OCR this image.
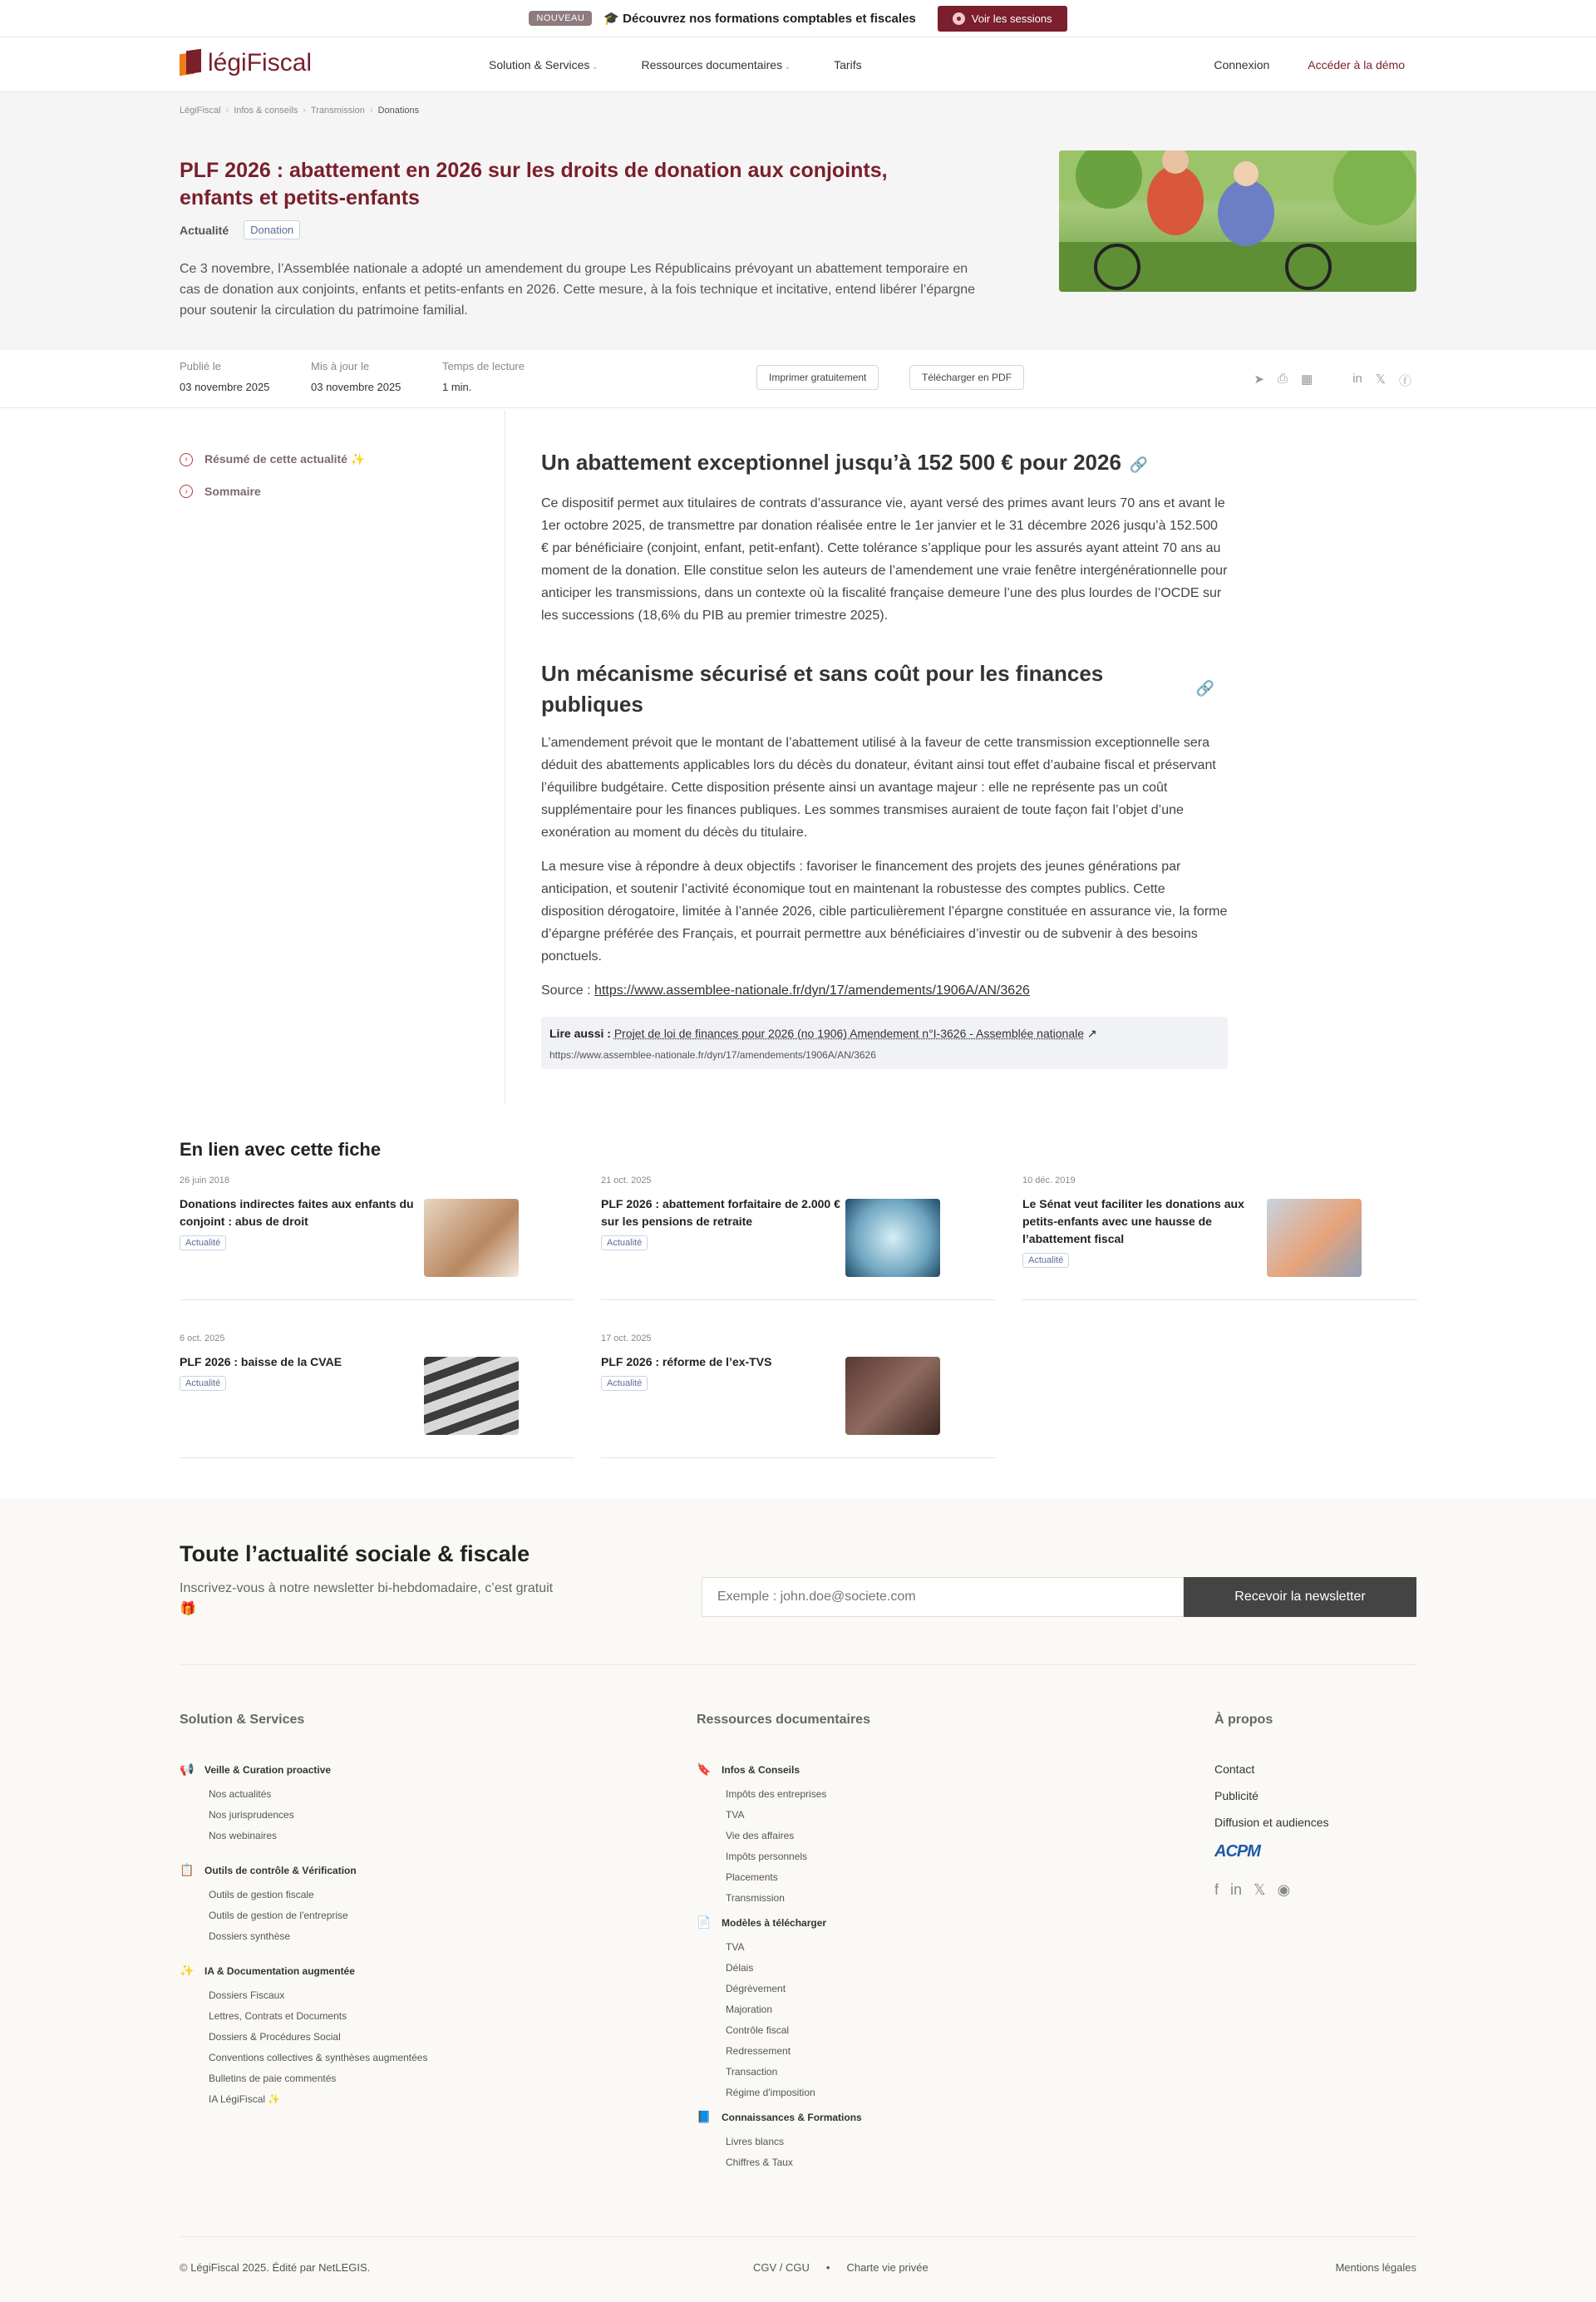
NOUVEAU	🎓 Découvrez nos formations comptables et fiscales	Voir les sessions
légiFiscal	Solution & Services ⌄	Ressources documentaires ⌄	Tarifs	Connexion	Accéder à la démo
LégiFiscal › Infos & conseils › Transmission › Donations
PLF 2026 : abattement en 2026 sur les droits de donation aux conjoints, enfants et petits-enfants
Actualité	Donation

Ce 3 novembre, l’Assemblée nationale a adopté un amendement du groupe Les Républicains prévoyant un abattement temporaire en cas de donation aux conjoints, enfants et petits-enfants en 2026. Cette mesure, à la fois technique et incitative, entend libérer l’épargne pour soutenir la circulation du patrimoine familial.

Publié le
03 novembre 2025
Mis à jour le
03 novembre 2025
Temps de lecture
1 min.
Imprimer gratuitement	Télécharger en PDF	➤ ⎙ ▦	in 𝕏 ⓕ
›	Résumé de cette actualité ✨
›	Sommaire
Un abattement exceptionnel jusqu’à 152 500 € pour 2026 🔗

Ce dispositif permet aux titulaires de contrats d’assurance vie, ayant versé des primes avant leurs 70 ans et avant le 1er octobre 2025, de transmettre par donation réalisée entre le 1er janvier et le 31 décembre 2026 jusqu’à 152.500 € par bénéficiaire (conjoint, enfant, petit-enfant). Cette tolérance s’applique pour les assurés ayant atteint 70 ans au moment de la donation. Elle constitue selon les auteurs de l’amendement une vraie fenêtre intergénérationnelle pour anticiper les transmissions, dans un contexte où la fiscalité française demeure l’une des plus lourdes de l’OCDE sur les successions (18,6% du PIB au premier trimestre 2025).

Un mécanisme sécurisé et sans coût pour les finances publiques
🔗

L’amendement prévoit que le montant de l’abattement utilisé à la faveur de cette transmission exceptionnelle sera déduit des abattements applicables lors du décès du donateur, évitant ainsi tout effet d’aubaine fiscal et préservant l’équilibre budgétaire. Cette disposition présente ainsi un avantage majeur : elle ne représente pas un coût supplémentaire pour les finances publiques. Les sommes transmises auraient de toute façon fait l’objet d’une exonération au moment du décès du titulaire.

La mesure vise à répondre à deux objectifs : favoriser le financement des projets des jeunes générations par anticipation, et soutenir l’activité économique tout en maintenant la robustesse des comptes publics. Cette disposition dérogatoire, limitée à l’année 2026, cible particulièrement l’épargne constituée en assurance vie, la forme d’épargne préférée des Français, et pourrait permettre aux bénéficiaires d’investir ou de subvenir à des besoins ponctuels.

Source : https://www.assemblee-nationale.fr/dyn/17/amendements/1906A/AN/3626

Lire aussi : Projet de loi de finances pour 2026 (no 1906) Amendement n°I-3626 - Assemblée nationale ↗
https://www.assemblee-nationale.fr/dyn/17/amendements/1906A/AN/3626
En lien avec cette fiche
26 juin 2018
Donations indirectes faites aux enfants du conjoint : abus de droit
Actualité
21 oct. 2025
PLF 2026 : abattement forfaitaire de 2.000 € sur les pensions de retraite
Actualité
10 déc. 2019
Le Sénat veut faciliter les donations aux petits-enfants avec une hausse de l’abattement fiscal
Actualité
6 oct. 2025
PLF 2026 : baisse de la CVAE
Actualité
17 oct. 2025
PLF 2026 : réforme de l’ex-TVS
Actualité
Toute l’actualité sociale & fiscale

Inscrivez-vous à notre newsletter bi-hebdomadaire, c’est gratuit 🎁

Exemple : john.doe@societe.com
Recevoir la newsletter
Solution & Services
📢 Veille & Curation proactive
Nos actualités
Nos jurisprudences
Nos webinaires
📋 Outils de contrôle & Vérification
Outils de gestion fiscale
Outils de gestion de l'entreprise
Dossiers synthèse
✨ IA & Documentation augmentée
Dossiers Fiscaux
Lettres, Contrats et Documents
Dossiers & Procédures Social
Conventions collectives & synthèses augmentées
Bulletins de paie commentés
IA LégiFiscal ✨
Ressources documentaires
🔖 Infos & Conseils
Impôts des entreprises
TVA
Vie des affaires
Impôts personnels
Placements
Transmission
📄 Modèles à télécharger
TVA
Délais
Dégrèvement
Majoration
Contrôle fiscal
Redressement
Transaction
Régime d'imposition
📘 Connaissances & Formations
Livres blancs
Chiffres & Taux
À propos
Contact
Publicité
Diffusion et audiences
ACPM
f in 𝕏 ◉
© LégiFiscal 2025. Édité par NetLEGIS.	CGV / CGU • Charte vie privée	Mentions légales
